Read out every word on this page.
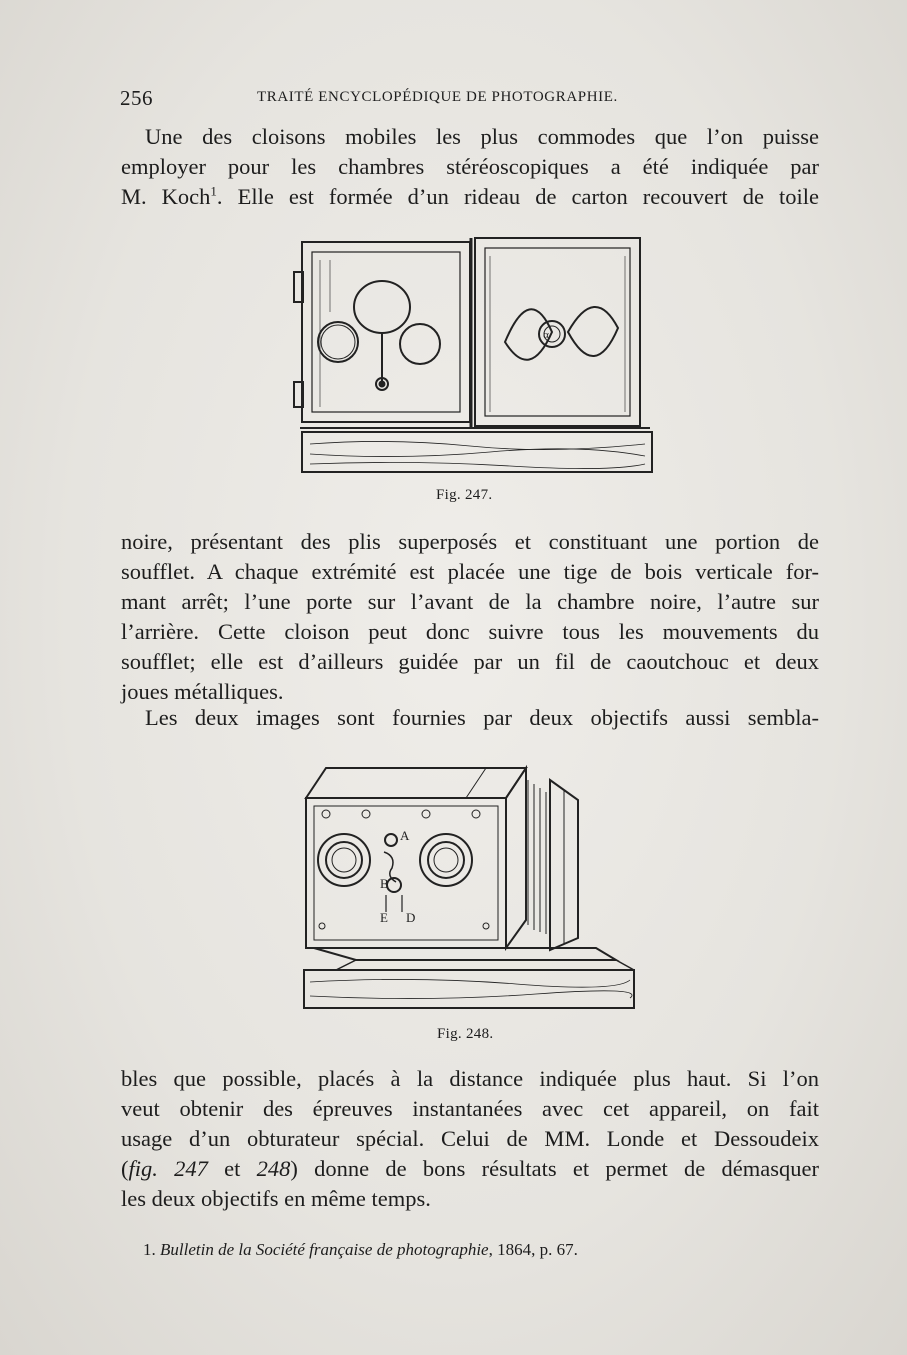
256	TRAITÉ ENCYCLOPÉDIQUE DE PHOTOGRAPHIE.
Une des cloisons mobiles les plus commodes que l’on puisse
employer pour les chambres stéréoscopiques a été indiquée par
M. Koch$^1$. Elle est formée d’un rideau de carton recouvert de toile
α
Fig. 247.
noire, présentant des plis superposés et constituant une portion de
soufflet. A chaque extrémité est placée une tige de bois verticale for-
mant arrêt; l’une porte sur l’avant de la chambre noire, l’autre sur
l’arrière. Cette cloison peut donc suivre tous les mouvements du
soufflet; elle est d’ailleurs guidée par un fil de caoutchouc et deux
joues métalliques.
Les deux images sont fournies par deux objectifs aussi sembla-
A
B
E D
Fig. 248.
bles que possible, placés à la distance indiquée plus haut. Si l’on
veut obtenir des épreuves instantanées avec cet appareil, on fait
usage d’un obturateur spécial. Celui de MM. Londe et Dessoudeix
(fig. 247 et 248) donne de bons résultats et permet de démasquer
les deux objectifs en même temps.
1. Bulletin de la Société française de photographie, 1864, p. 67.
